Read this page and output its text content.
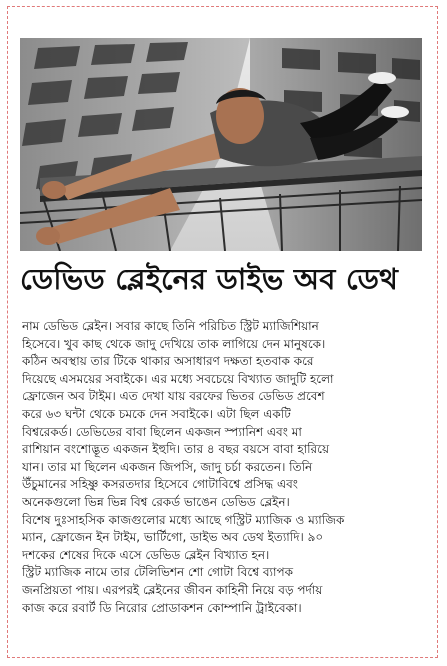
ডেভিড ব্লেইনের ডাইভ অব ডেথ
নাম ডেভিড ব্লেইন। সবার কাছে তিনি পরিচিত স্ট্রিট ম্যাজিশিয়ান
হিসেবে। খুব কাছ থেকে জাদু দেখিয়ে তাক লাগিয়ে দেন মানুষকে।
কঠিন অবস্থায় তার টিকে থাকার অসাধারণ দক্ষতা হতবাক করে
দিয়েছে এসময়ের সবাইকে। এর মধ্যে সবচেয়ে বিখ্যাত জাদুটি হলো
ফ্রোজেন অব টাইম। এত দেখা যায় বরফের ভিতর ডেভিড প্রবেশ
করে ৬৩ ঘন্টা থেকে চমকে দেন সবাইকে। এটা ছিল একটি
বিশ্বরেকর্ড। ডেভিডের বাবা ছিলেন একজন স্প্যানিশ এবং মা
রাশিয়ান বংশোদ্ভূত একজন ইহুদি। তার ৪ বছর বয়সে বাবা হারিয়ে
যান। তার মা ছিলেন একজন জিপসি, জাদু চর্চা করতেন। তিনি
উঁচুমানের সহিষ্ণু কসরতদার হিসেবে গোটাবিশ্বে প্রসিদ্ধ এবং
অনেকগুলো ভিন্ন ভিন্ন বিশ্ব রেকর্ড ভাঙেন ডেভিড ব্লেইন।
বিশেষ দুঃসাহসিক কাজগুলোর মধ্যে আছে গস্ট্রিট ম্যাজিক ও ম্যাজিক
ম্যান, ফ্রোজেন ইন টাইম, ভার্টিগো, ডাইভ অব ডেথ ইত্যাদি। ৯০
দশকের শেষের দিকে এসে ডেভিড ব্লেইন বিখ্যাত হন।
স্ট্রিট ম্যাজিক নামে তার টেলিভিশন শো গোটা বিশ্বে ব্যাপক
জনপ্রিয়তা পায়। এরপরই ব্লেইনের জীবন কাহিনী নিয়ে বড় পর্দায়
কাজ করে রবার্ট ডি নিরোর প্রোডাকশন কোম্পানি ট্রাইবেকা।
